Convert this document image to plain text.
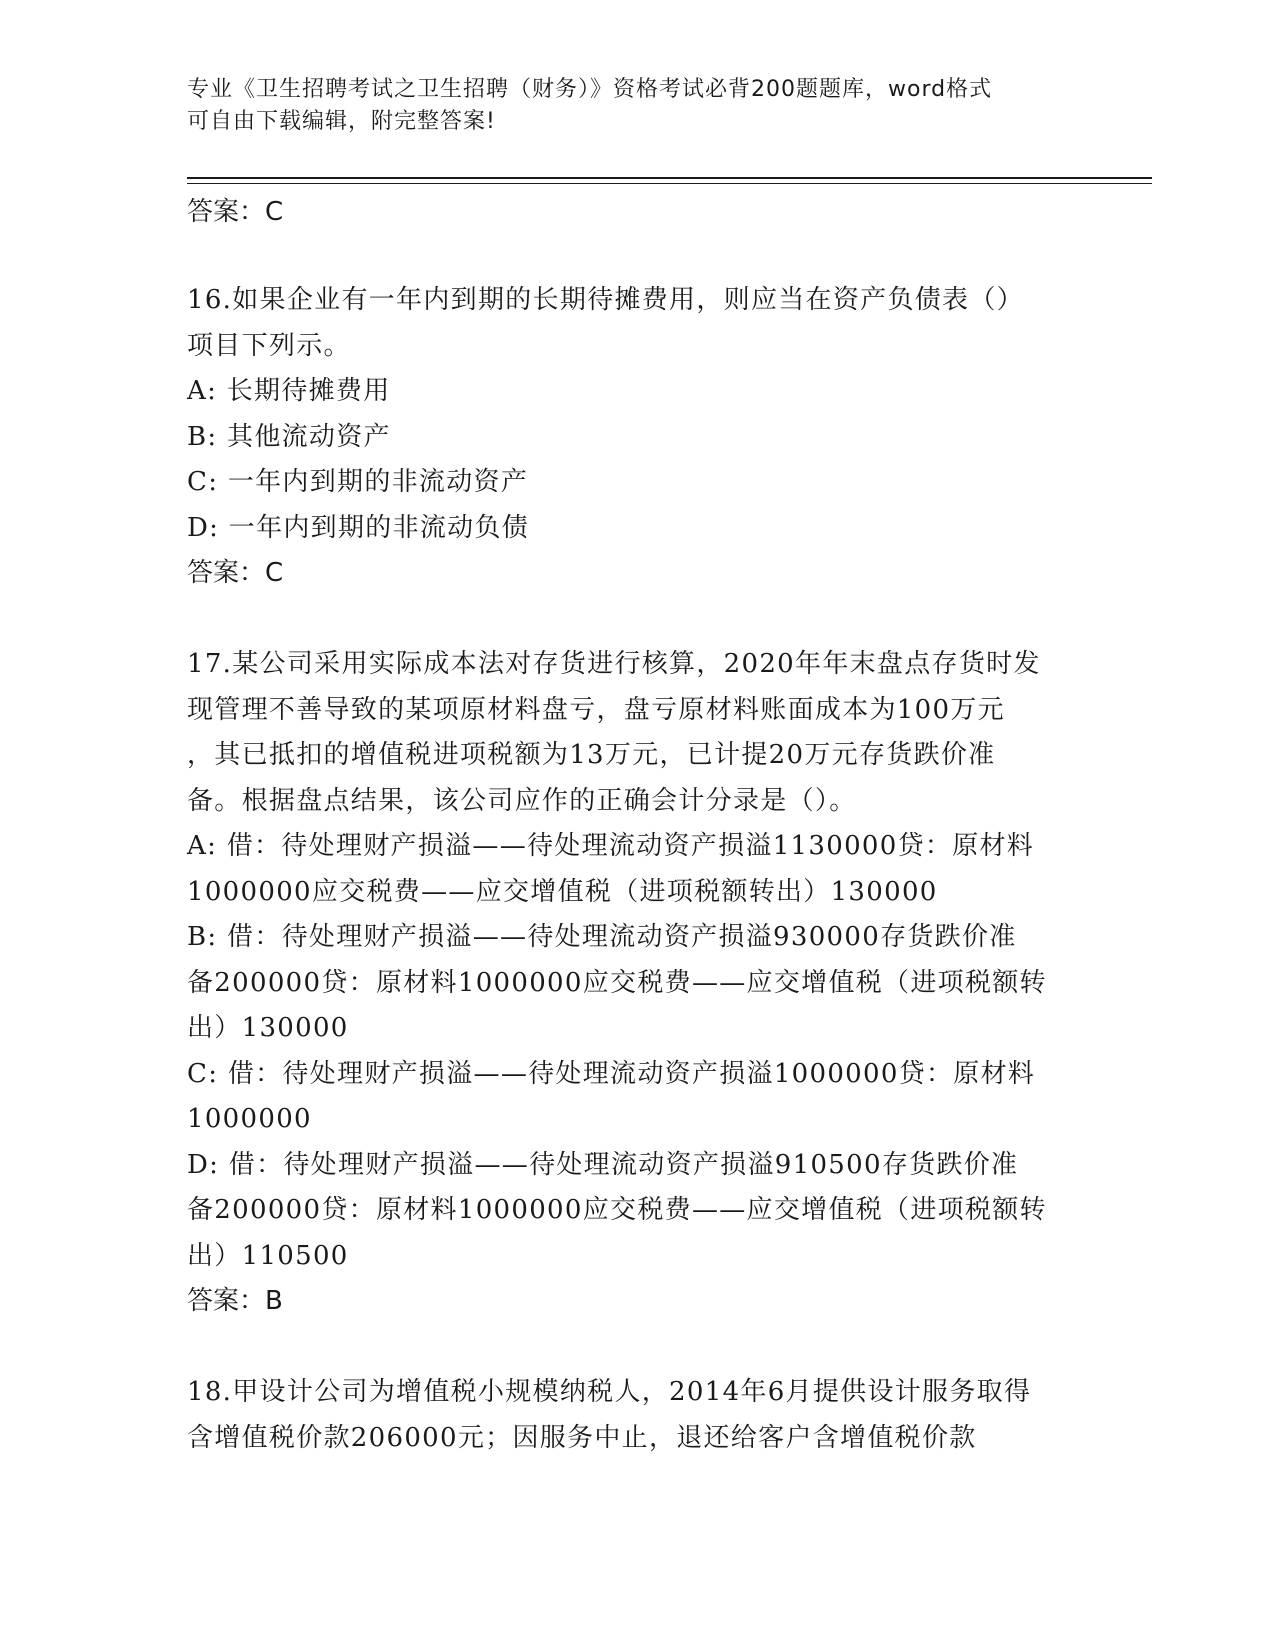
专业《卫生招聘考试之卫生招聘（财务）》资格考试必背200题题库，word格式
可自由下载编辑，附完整答案!
答案：C
16.如果企业有一年内到期的长期待摊费用，则应当在资产负债表（）
项目下列示。
A: 长期待摊费用
B: 其他流动资产
C: 一年内到期的非流动资产
D: 一年内到期的非流动负债
答案：C
17.某公司采用实际成本法对存货进行核算，2020年年末盘点存货时发
现管理不善导致的某项原材料盘亏，盘亏原材料账面成本为100万元
，其已抵扣的增值税进项税额为13万元，已计提20万元存货跌价准
备。根据盘点结果，该公司应作的正确会计分录是（）。
A: 借：待处理财产损溢——待处理流动资产损溢1130000贷：原材料
1000000应交税费——应交增值税（进项税额转出）130000
B: 借：待处理财产损溢——待处理流动资产损溢930000存货跌价准
备200000贷：原材料1000000应交税费——应交增值税（进项税额转
出）130000
C: 借：待处理财产损溢——待处理流动资产损溢1000000贷：原材料
1000000
D: 借：待处理财产损溢——待处理流动资产损溢910500存货跌价准
备200000贷：原材料1000000应交税费——应交增值税（进项税额转
出）110500
答案：B
18.甲设计公司为增值税小规模纳税人，2014年6月提供设计服务取得
含增值税价款206000元；因服务中止，退还给客户含增值税价款
